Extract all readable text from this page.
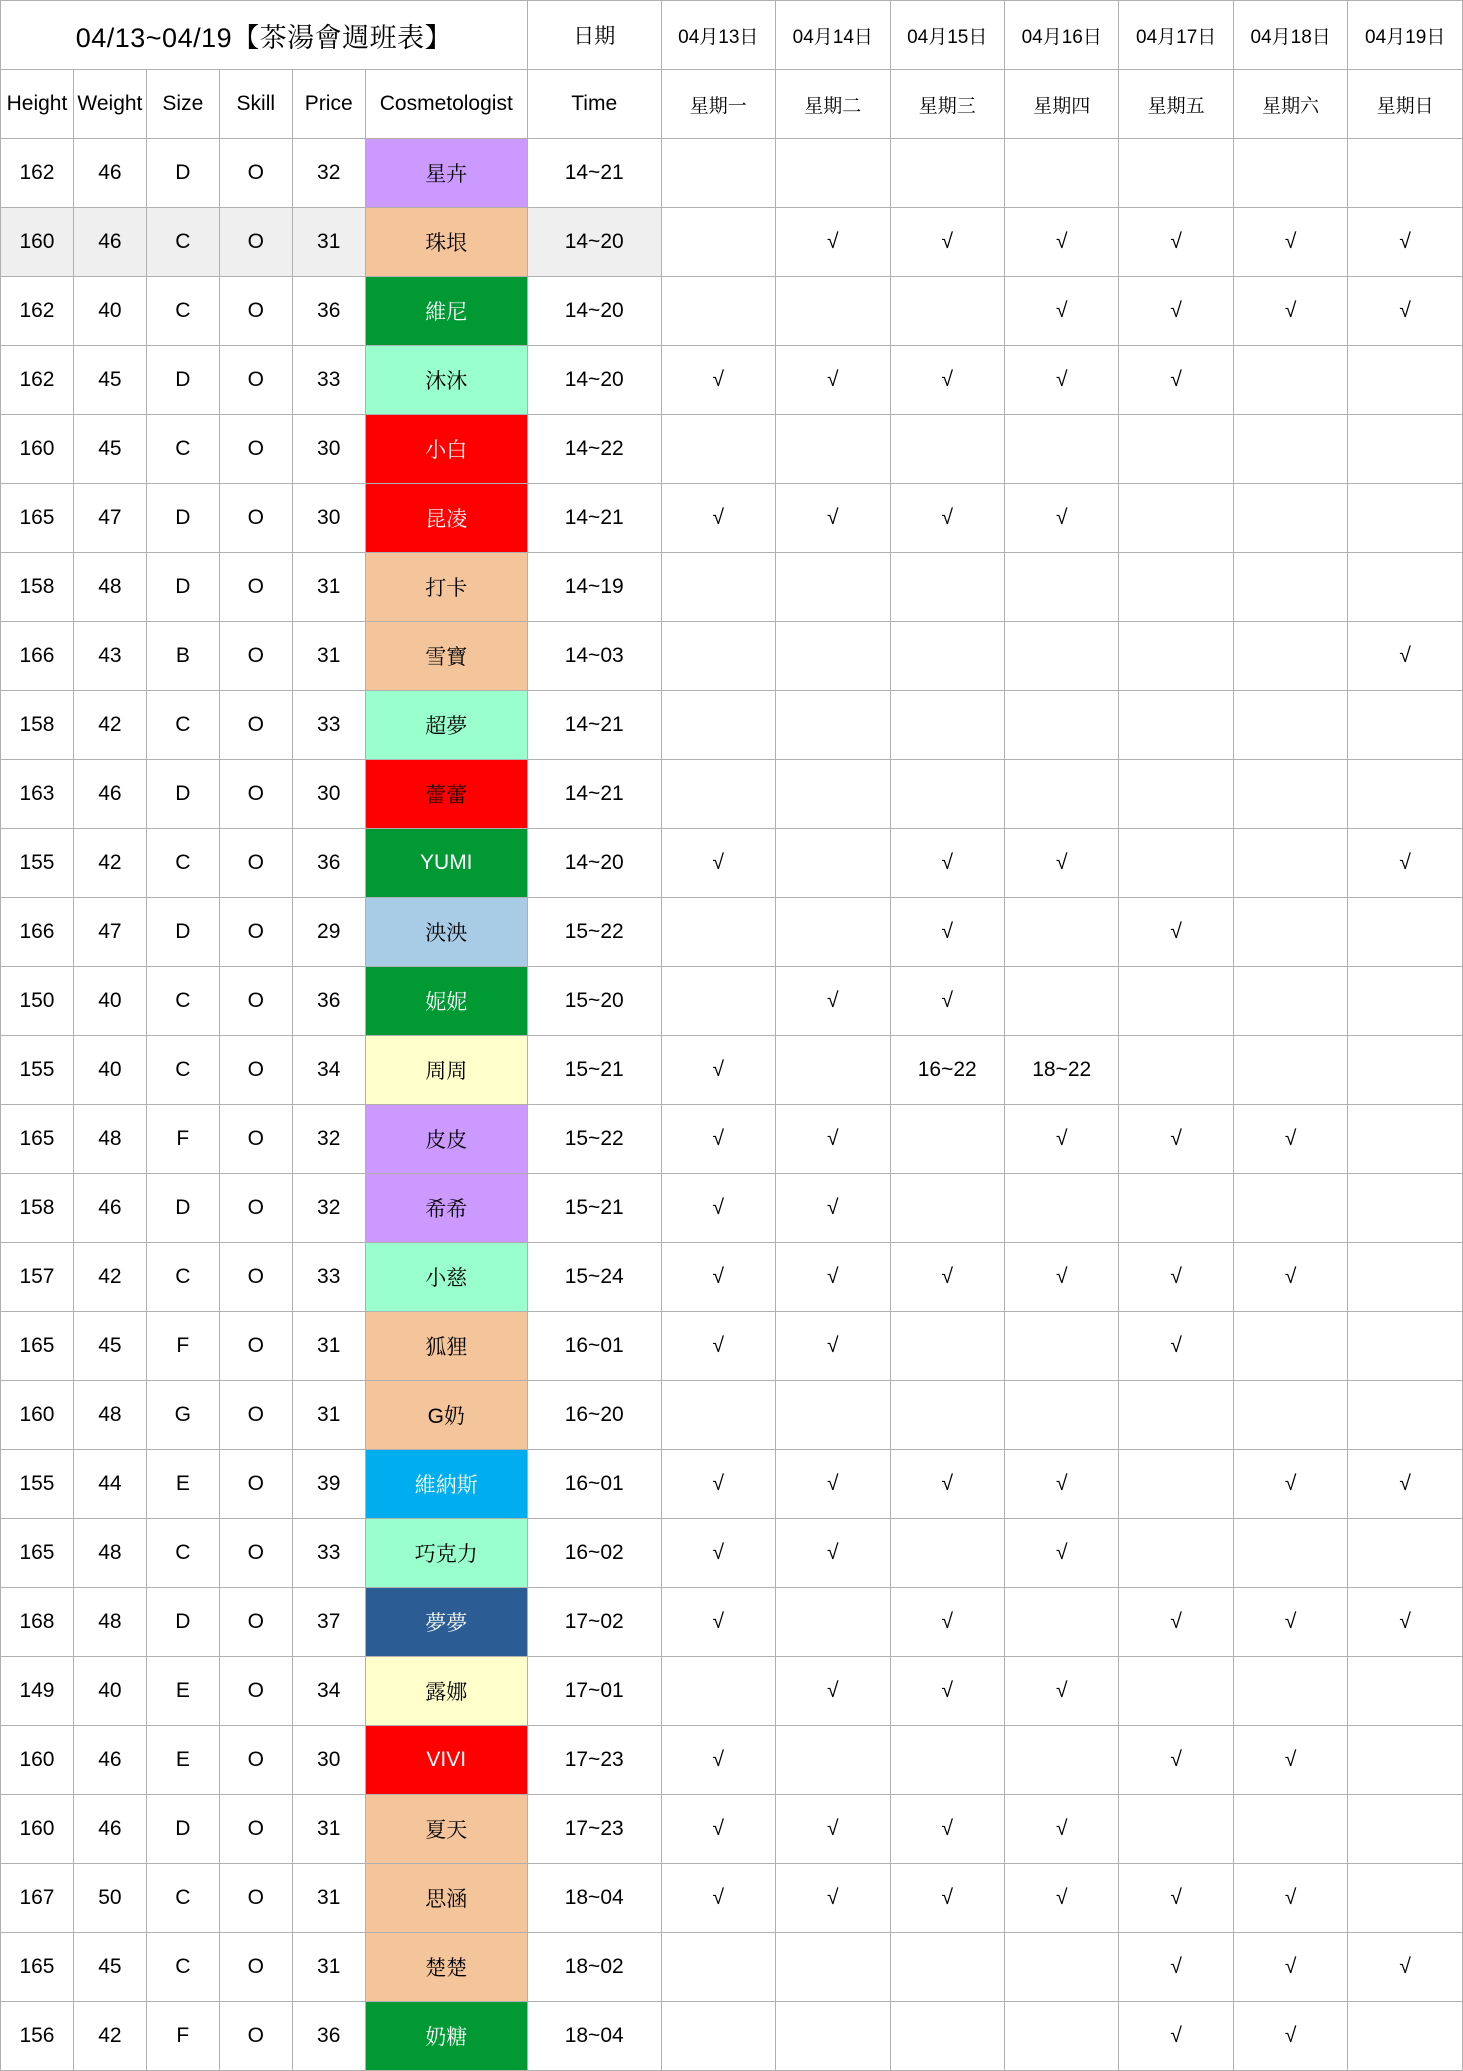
04/13~04/19【茶湯會週班表】						日期	04月13日	04月14日	04月15日	04月16日	04月17日	04月18日	04月19日
Height	Weight	Size	Skill	Price	Cosmetologist	Time	星期一	星期二	星期三	星期四	星期五	星期六	星期日
162	46	D	O	32	星卉	14~21							
160	46	C	O	31	珠垠	14~20		√	√	√	√	√	√
162	40	C	O	36	維尼	14~20				√	√	√	√
162	45	D	O	33	沐沐	14~20	√	√	√	√	√		
160	45	C	O	30	小白	14~22							
165	47	D	O	30	昆凌	14~21	√	√	√	√			
158	48	D	O	31	打卡	14~19							
166	43	B	O	31	雪寶	14~03							√
158	42	C	O	33	超夢	14~21							
163	46	D	O	30	蕾蕾	14~21							
155	42	C	O	36	YUMI	14~20	√		√	√			√
166	47	D	O	29	泱泱	15~22			√		√		
150	40	C	O	36	妮妮	15~20		√	√				
155	40	C	O	34	周周	15~21	√		16~22	18~22			
165	48	F	O	32	皮皮	15~22	√	√		√	√	√	
158	46	D	O	32	希希	15~21	√	√					
157	42	C	O	33	小慈	15~24	√	√	√	√	√	√	
165	45	F	O	31	狐狸	16~01	√	√			√		
160	48	G	O	31	G奶	16~20							
155	44	E	O	39	維納斯	16~01	√	√	√	√		√	√
165	48	C	O	33	巧克力	16~02	√	√		√			
168	48	D	O	37	夢夢	17~02	√		√		√	√	√
149	40	E	O	34	露娜	17~01		√	√	√			
160	46	E	O	30	VIVI	17~23	√				√	√	
160	46	D	O	31	夏天	17~23	√	√	√	√			
167	50	C	O	31	思涵	18~04	√	√	√	√	√	√	
165	45	C	O	31	楚楚	18~02					√	√	√
156	42	F	O	36	奶糖	18~04					√	√	
